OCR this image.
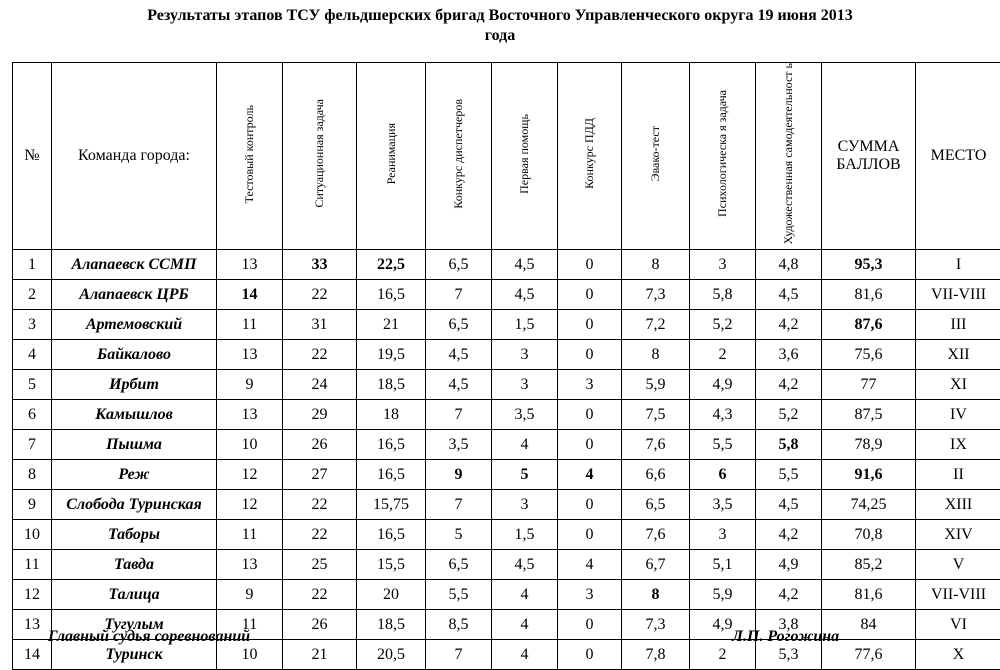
Результаты этапов ТСУ фельдшерских бригад Восточного Управленческого округа 19 июня 2013
года
№	Команда города:	Тестовый контроль	Ситуационная задача	Реанимация	Конкурс диспетчеров	Первая помощь	Конкурс ПДД	Эвако-тест	Психологическа я задача	Художественная самодеятельност ь	СУММА БАЛЛОВ	МЕСТО
1	Алапаевск ССМП	13	33	22,5	6,5	4,5	0	8	3	4,8	95,3	I
2	Алапаевск ЦРБ	14	22	16,5	7	4,5	0	7,3	5,8	4,5	81,6	VII-VIII
3	Артемовский	11	31	21	6,5	1,5	0	7,2	5,2	4,2	87,6	III
4	Байкалово	13	22	19,5	4,5	3	0	8	2	3,6	75,6	XII
5	Ирбит	9	24	18,5	4,5	3	3	5,9	4,9	4,2	77	XI
6	Камышлов	13	29	18	7	3,5	0	7,5	4,3	5,2	87,5	IV
7	Пышма	10	26	16,5	3,5	4	0	7,6	5,5	5,8	78,9	IX
8	Реж	12	27	16,5	9	5	4	6,6	6	5,5	91,6	II
9	Слобода Туринская	12	22	15,75	7	3	0	6,5	3,5	4,5	74,25	XIII
10	Таборы	11	22	16,5	5	1,5	0	7,6	3	4,2	70,8	XIV
11	Тавда	13	25	15,5	6,5	4,5	4	6,7	5,1	4,9	85,2	V
12	Талица	9	22	20	5,5	4	3	8	5,9	4,2	81,6	VII-VIII
13	Тугулым	11	26	18,5	8,5	4	0	7,3	4,9	3,8	84	VI
14	Туринск	10	21	20,5	7	4	0	7,8	2	5,3	77,6	X
Главный судья соревнований	Л.П. Рогожина
